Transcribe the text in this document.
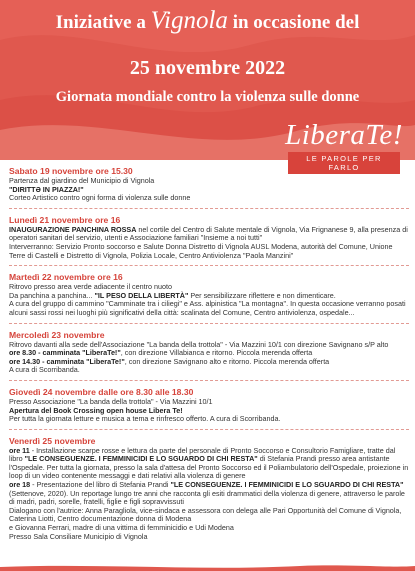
Iniziative a Vignola in occasione del
25 novembre 2022
Giornata mondiale contro la violenza sulle donne
LiberaTe!
LE PAROLE PER FARLO
Sabato 19 novembre ore 15.30
Partenza dal giardino del Municipio di Vignola
"DIRITTƏ IN PIAZZA!"
Corteo Artistico contro ogni forma di violenza sulle donne
Lunedì 21 novembre ore 16
INAUGURAZIONE PANCHINA ROSSA nel cortile del Centro di Salute mentale di Vignola, Via Frignanese 9, alla presenza di operatori sanitari del servizio, utenti e Associazione familiari "Insieme a noi tutti"
Interverranno: Servizio Pronto soccorso e Salute Donna Distretto di Vignola AUSL Modena, autorità del Comune, Unione Terre di Castelli e Distretto di Vignola, Polizia Locale, Centro Antiviolenza "Paola Manzini"
Martedì 22 novembre ore 16
Ritrovo presso area verde adiacente il centro nuoto
Da panchina a panchina... "IL PESO DELLA LIBERTÀ" Per sensibilizzare riflettere e non dimenticare.
A cura del gruppo di cammino "Camminate tra i ciliegi" e Ass. alpinistica "La montagna". In questa occasione verranno posati alcuni sassi rossi nei luoghi più significativi della città: scalinata del Comune, Centro antiviolenza, ospedale...
Mercoledì 23 novembre
Ritrovo davanti alla sede dell'Associazione "La banda della trottola" - Via Mazzini 10/1 con direzione Savignano s/P alto
ore 8.30 - camminata "LiberaTe!", con direzione Villabianca e ritorno. Piccola merenda offerta
ore 14.30 - camminata "LiberaTe!", con direzione Savignano alto e ritorno. Piccola merenda offerta
A cura di Scorribanda.
Giovedì 24 novembre dalle ore 8.30 alle 18.30
Presso Associazione "La banda della trottola" - Via Mazzini 10/1
Apertura del Book Crossing open house Libera Te!
Per tutta la giornata letture e musica a tema e rinfresco offerto. A cura di Scorribanda.
Venerdì 25 novembre
ore 11 - Installazione scarpe rosse e lettura da parte del personale di Pronto Soccorso e Consultorio Famigliare, tratte dal libro "LE CONSEGUENZE. I FEMMINICIDI E LO SGUARDO DI CHI RESTA" di Stefania Prandi presso area antistante l'Ospedale. Per tutta la giornata, presso la sala d'attesa del Pronto Soccorso ed il Poliambulatorio dell'Ospedale, proiezione in loop di un video contenente messaggi e dati relativi alla violenza di genere
ore 18 - Presentazione del libro di Stefania Prandi "LE CONSEGUENZE. I FEMMINICIDI E LO SGUARDO DI CHI RESTA" (Settenove, 2020). Un reportage lungo tre anni che racconta gli esiti drammatici della violenza di genere, attraverso le parole di madri, padri, sorelle, fratelli, figlie e figli sopravvissuti
Dialogano con l'autrice: Anna Paragliola, vice-sindaca e assessora con delega alle Pari Opportunità del Comune di Vignola, Caterina Liotti, Centro documentazione donna di Modena
e Giovanna Ferrari, madre di una vittima di femminicidio e Udi Modena
Presso Sala Consiliare Municipio di Vignola
